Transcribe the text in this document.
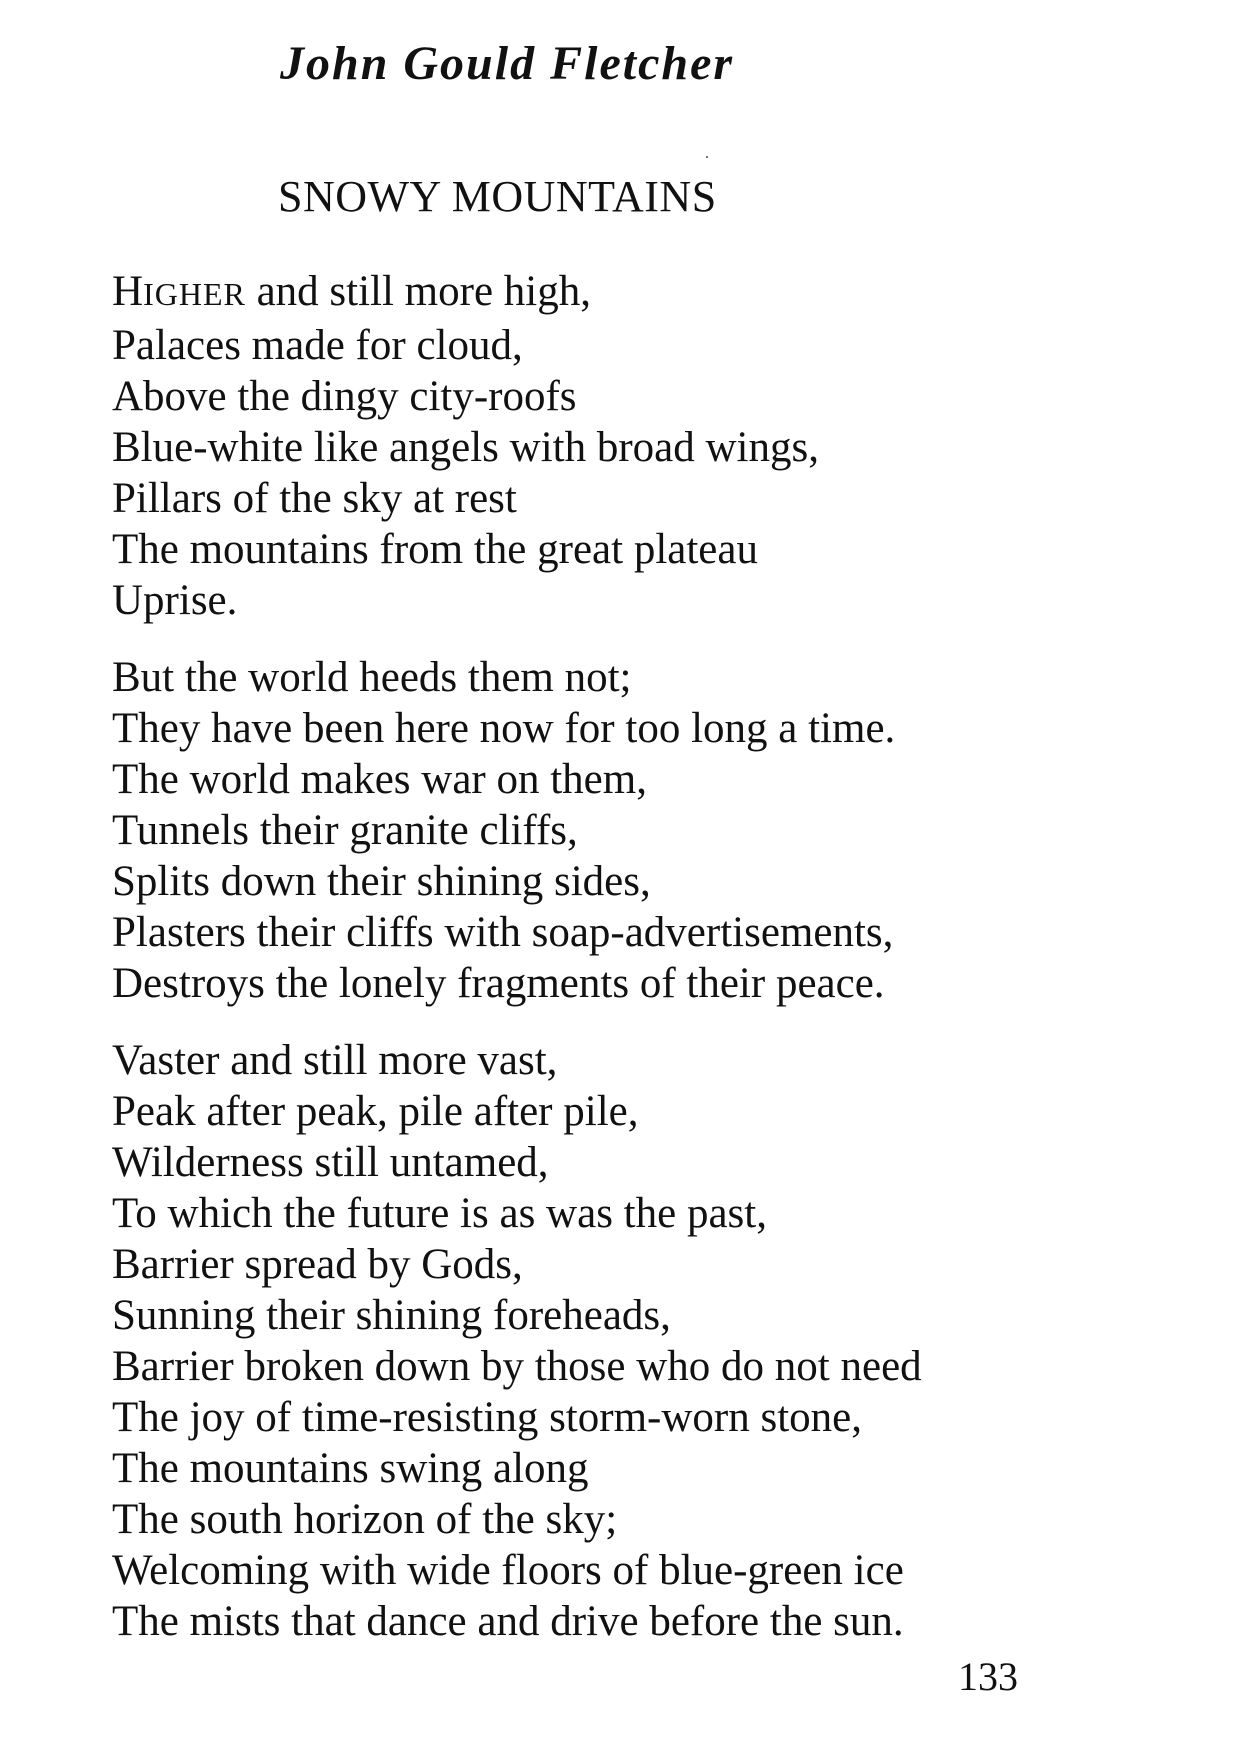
John Gould Fletcher
SNOWY MOUNTAINS
HIGHER and still more high,
Palaces made for cloud,
Above the dingy city-roofs
Blue-white like angels with broad wings,
Pillars of the sky at rest
The mountains from the great plateau
Uprise.
But the world heeds them not;
They have been here now for too long a time.
The world makes war on them,
Tunnels their granite cliffs,
Splits down their shining sides,
Plasters their cliffs with soap-advertisements,
Destroys the lonely fragments of their peace.
Vaster and still more vast,
Peak after peak, pile after pile,
Wilderness still untamed,
To which the future is as was the past,
Barrier spread by Gods,
Sunning their shining foreheads,
Barrier broken down by those who do not need
The joy of time-resisting storm-worn stone,
The mountains swing along
The south horizon of the sky;
Welcoming with wide floors of blue-green ice
The mists that dance and drive before the sun.
133
